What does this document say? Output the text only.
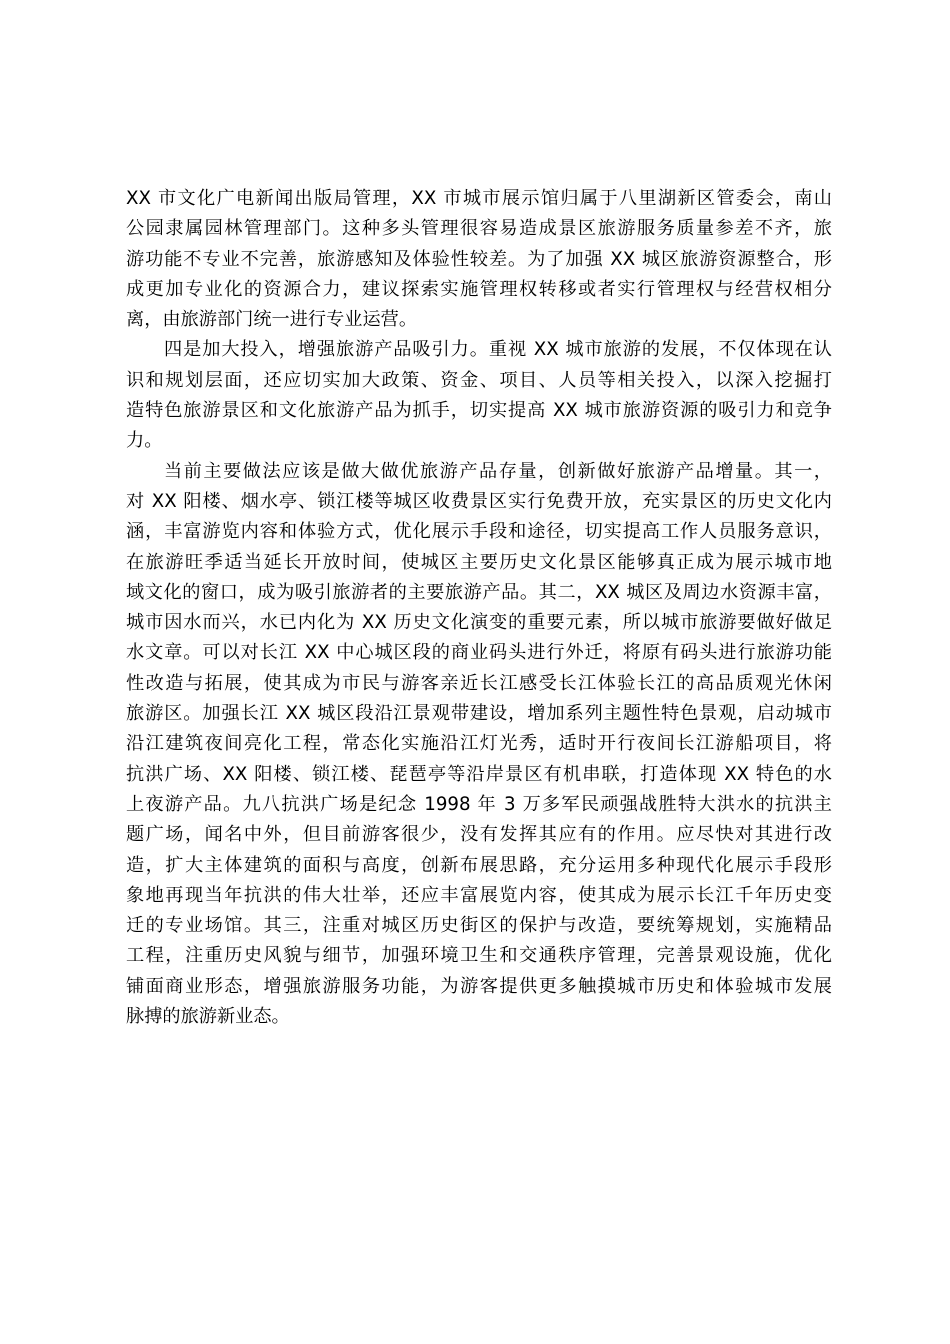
XX 市文化广电新闻出版局管理，XX 市城市展示馆归属于八里湖新区管委会，南山
公园隶属园林管理部门。这种多头管理很容易造成景区旅游服务质量参差不齐，旅
游功能不专业不完善，旅游感知及体验性较差。为了加强 XX 城区旅游资源整合，形
成更加专业化的资源合力，建议探索实施管理权转移或者实行管理权与经营权相分
离，由旅游部门统一进行专业运营。
四是加大投入，增强旅游产品吸引力。重视 XX 城市旅游的发展，不仅体现在认
识和规划层面，还应切实加大政策、资金、项目、人员等相关投入，以深入挖掘打
造特色旅游景区和文化旅游产品为抓手，切实提高 XX 城市旅游资源的吸引力和竞争
力。
当前主要做法应该是做大做优旅游产品存量，创新做好旅游产品增量。其一，
对 XX 阳楼、烟水亭、锁江楼等城区收费景区实行免费开放，充实景区的历史文化内
涵，丰富游览内容和体验方式，优化展示手段和途径，切实提高工作人员服务意识，
在旅游旺季适当延长开放时间，使城区主要历史文化景区能够真正成为展示城市地
域文化的窗口，成为吸引旅游者的主要旅游产品。其二，XX 城区及周边水资源丰富，
城市因水而兴，水已内化为 XX 历史文化演变的重要元素，所以城市旅游要做好做足
水文章。可以对长江 XX 中心城区段的商业码头进行外迁，将原有码头进行旅游功能
性改造与拓展，使其成为市民与游客亲近长江感受长江体验长江的高品质观光休闲
旅游区。加强长江 XX 城区段沿江景观带建设，增加系列主题性特色景观，启动城市
沿江建筑夜间亮化工程，常态化实施沿江灯光秀，适时开行夜间长江游船项目，将
抗洪广场、XX 阳楼、锁江楼、琵琶亭等沿岸景区有机串联，打造体现 XX 特色的水
上夜游产品。九八抗洪广场是纪念 1998 年 3 万多军民顽强战胜特大洪水的抗洪主
题广场，闻名中外，但目前游客很少，没有发挥其应有的作用。应尽快对其进行改
造，扩大主体建筑的面积与高度，创新布展思路，充分运用多种现代化展示手段形
象地再现当年抗洪的伟大壮举，还应丰富展览内容，使其成为展示长江千年历史变
迁的专业场馆。其三，注重对城区历史街区的保护与改造，要统筹规划，实施精品
工程，注重历史风貌与细节，加强环境卫生和交通秩序管理，完善景观设施，优化
铺面商业形态，增强旅游服务功能，为游客提供更多触摸城市历史和体验城市发展
脉搏的旅游新业态。
